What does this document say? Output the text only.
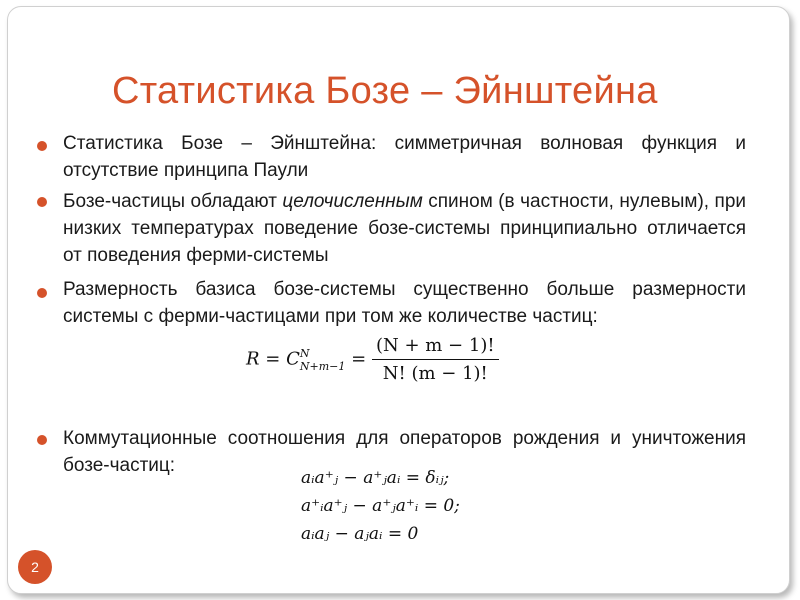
Статистика Бозе – Эйнштейна
Статистика Бозе – Эйнштейна: симметричная волновая функция и отсутствие принципа Паули
Бозе-частицы обладают целочисленным спином (в частности, нулевым), при низких температурах поведение бозе-системы принципиально отличается от поведения ферми-системы
Размерность базиса бозе-системы существенно больше размерности системы с ферми-частицами при том же количестве частиц:
R = C N
$N+m-1 = \frac{(N + m - 1)!}{N! (m - 1)!}$
Коммутационные соотношения для операторов рождения и уничтожения бозе-частиц:
aᵢa⁺ⱼ − a⁺ⱼaᵢ = δᵢⱼ;
a⁺ᵢa⁺ⱼ − a⁺ⱼa⁺ᵢ = 0;
aᵢaⱼ − aⱼaᵢ = 0
2
